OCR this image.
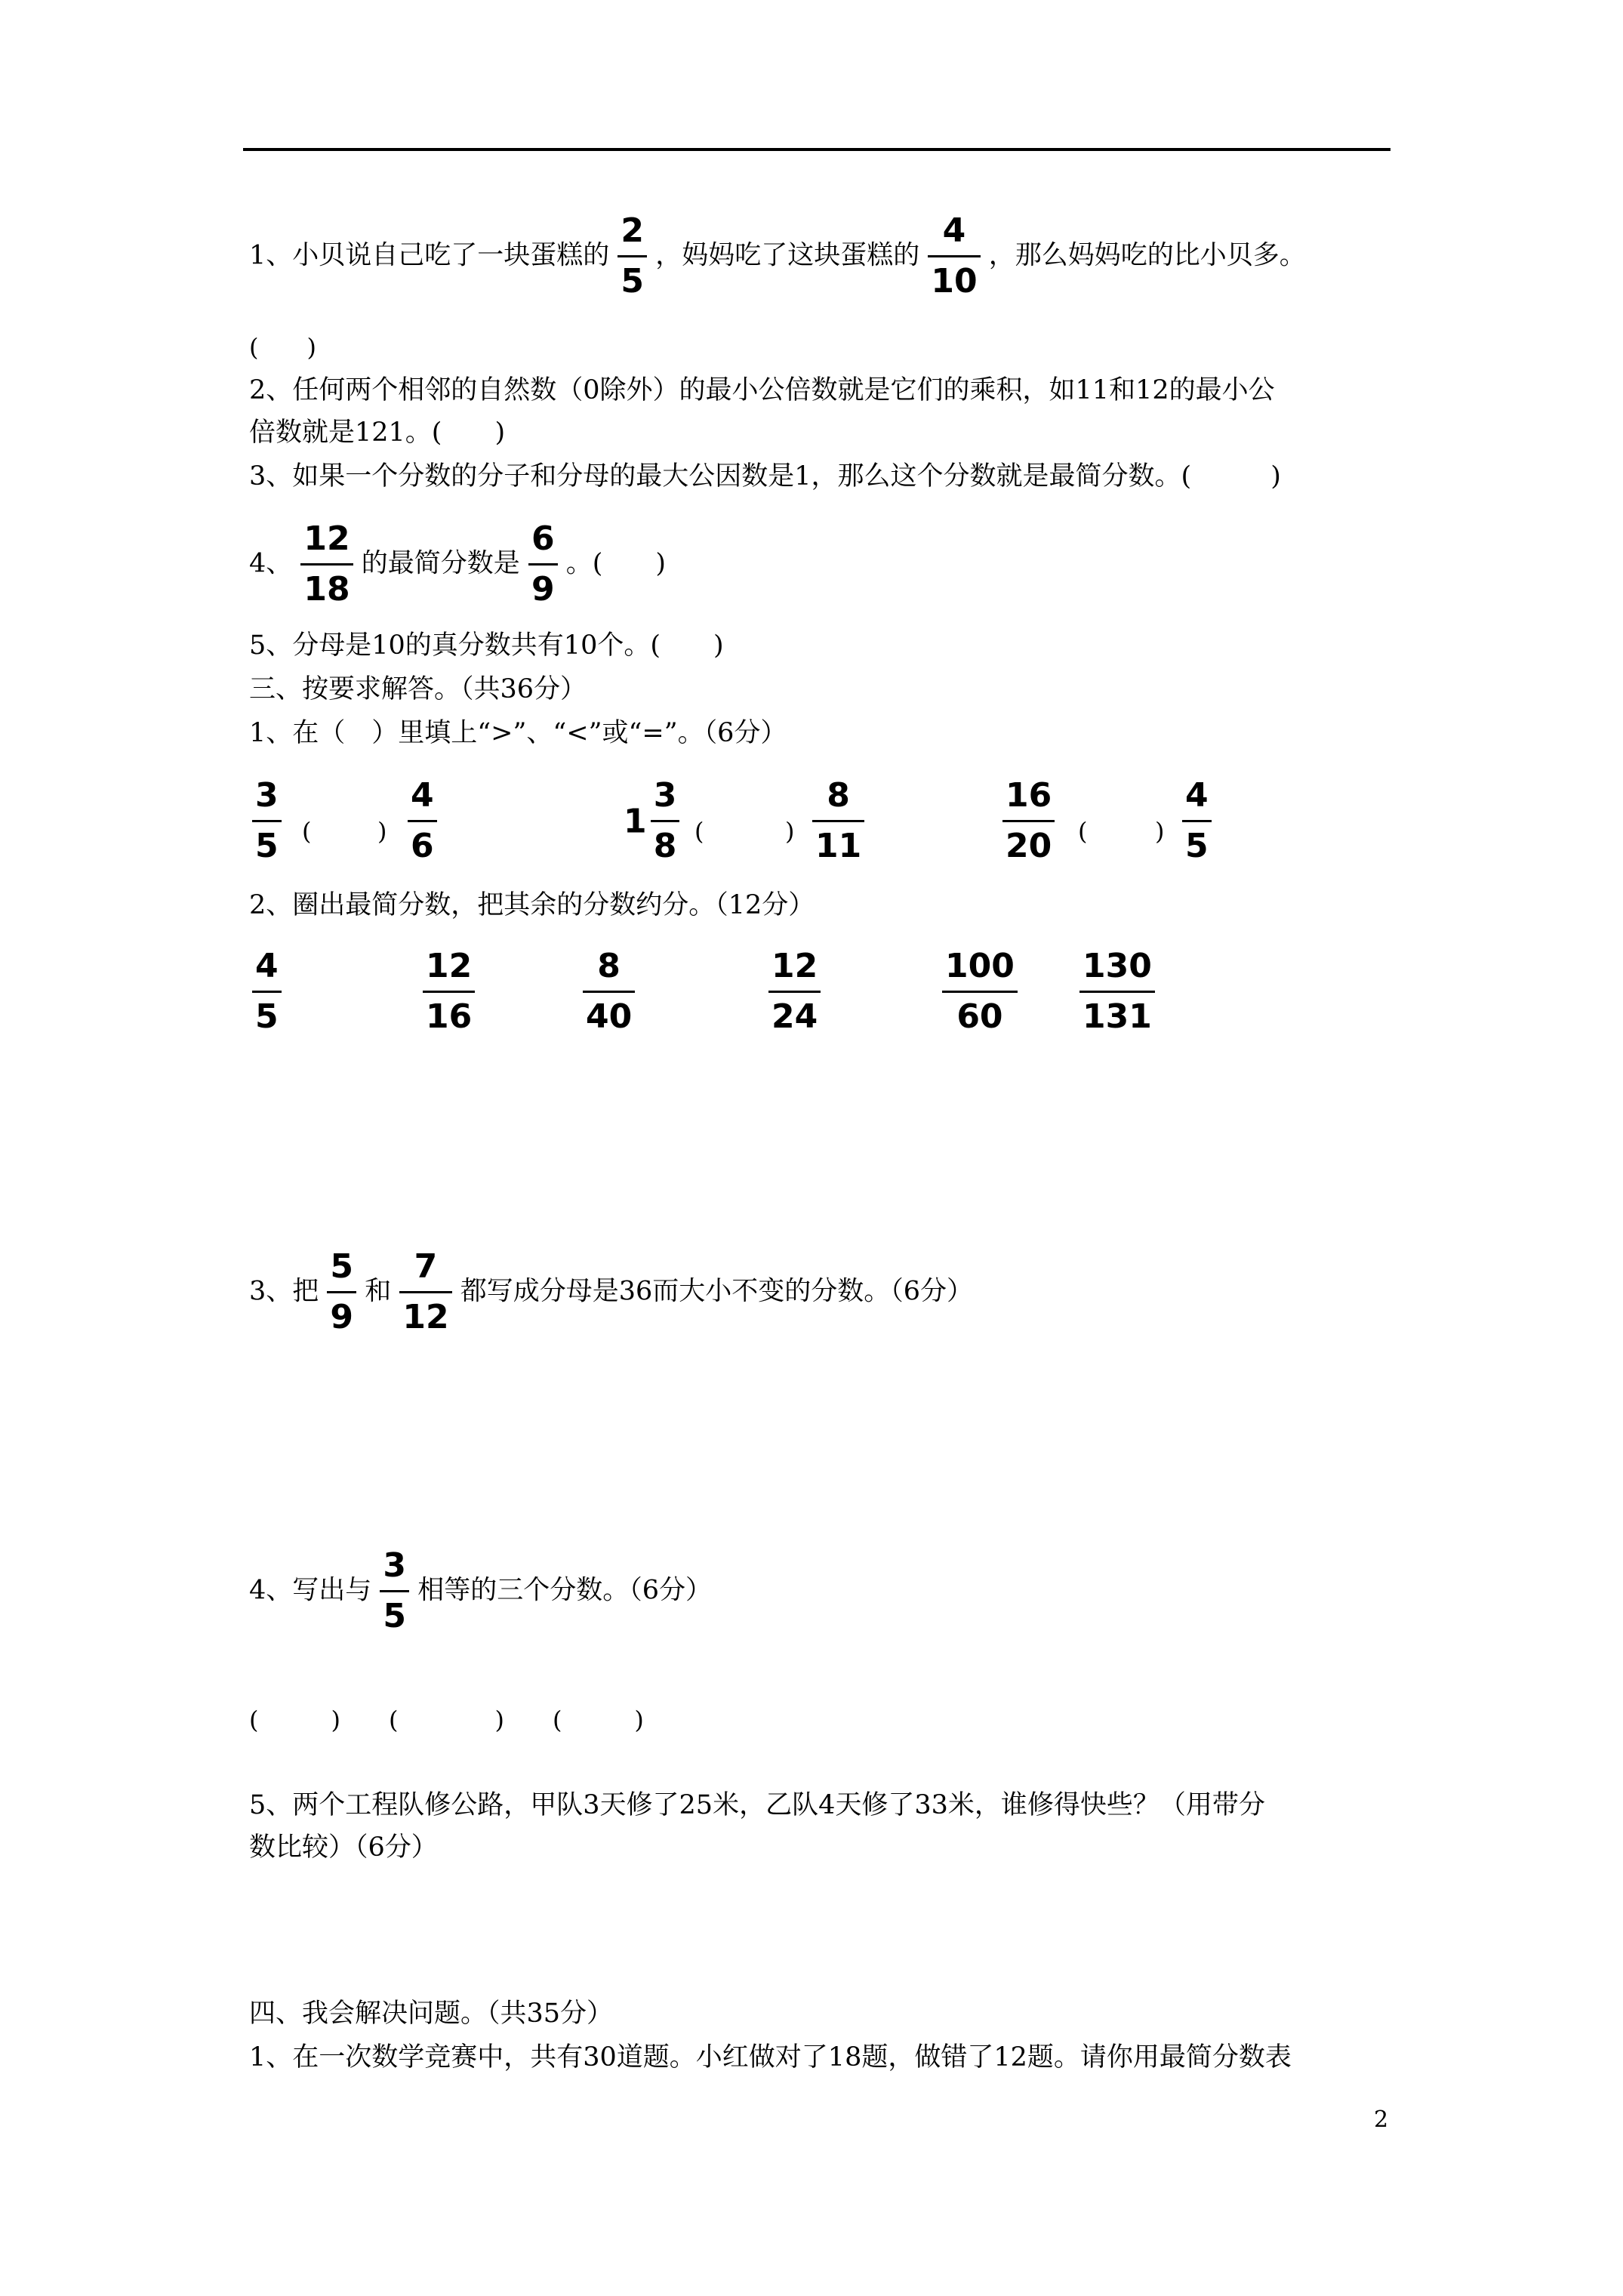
1、小贝说自己吃了一块蛋糕的 $\frac{2}{5}$ ，妈妈吃了这块蛋糕的 $\frac{4}{10}$ ，那么妈妈吃的比小贝多。
(　　)
2、任何两个相邻的自然数（0除外）的最小公倍数就是它们的乘积，如11和12的最小公
倍数就是121。(　　)
3、如果一个分数的分子和分母的最大公因数是1，那么这个分数就是最简分数。(　　　)
4、 $\frac{12}{18}$ 的最简分数是 $\frac{6}{9}$ 。(　　)
5、分母是10的真分数共有10个。(　　)
三、按要求解答。（共36分）
1、在（　）里填上“>”、“<”或“=”。（6分）
$\frac{3}{5}$ (	) $\frac{4}{6}$	$1 \frac{3}{8}$ (	) $\frac{8}{11}$	$\frac{16}{20}$ (	) $\frac{4}{5}$
2、圈出最简分数，把其余的分数约分。（12分）
$\frac{4}{5}$	$\frac{12}{16}$	$\frac{8}{40}$	$\frac{12}{24}$	$\frac{100}{60} \frac{130}{131}$
3、把 $\frac{5}{9}$ 和 $\frac{7}{12}$ 都写成分母是36而大小不变的分数。（6分）
4、写出与 $\frac{3}{5}$ 相等的三个分数。（6分）
(　　　)　　(　　　　)　　(　　　)
5、两个工程队修公路，甲队3天修了25米，乙队4天修了33米，谁修得快些？（用带分
数比较）（6分）
四、我会解决问题。（共35分）
1、在一次数学竞赛中，共有30道题。小红做对了18题，做错了12题。请你用最简分数表
2
